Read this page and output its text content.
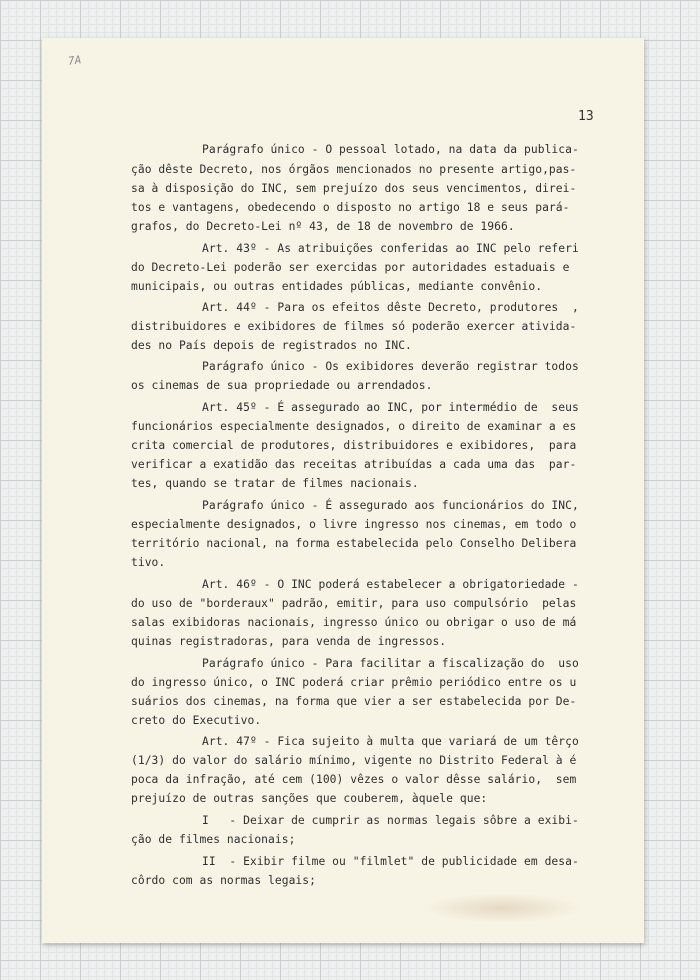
7A
13
Parágrafo único - O pessoal lotado, na data da publica-
ção dêste Decreto, nos órgãos mencionados no presente artigo,pas-
sa à disposição do INC, sem prejuízo dos seus vencimentos, direi-
tos e vantagens, obedecendo o disposto no artigo 18 e seus pará-
grafos, do Decreto-Lei nº 43, de 18 de novembro de 1966.
Art. 43º - As atribuições conferidas ao INC pelo referi
do Decreto-Lei poderão ser exercidas por autoridades estaduais e
municipais, ou outras entidades públicas, mediante convênio.
Art. 44º - Para os efeitos dêste Decreto, produtores  ,
distribuidores e exibidores de filmes só poderão exercer ativida-
des no País depois de registrados no INC.
Parágrafo único - Os exibidores deverão registrar todos
os cinemas de sua propriedade ou arrendados.
Art. 45º - É assegurado ao INC, por intermédio de  seus
funcionários especialmente designados, o direito de examinar a es
crita comercial de produtores, distribuidores e exibidores,  para
verificar a exatidão das receitas atribuídas a cada uma das  par-
tes, quando se tratar de filmes nacionais.
Parágrafo único - É assegurado aos funcionários do INC,
especialmente designados, o livre ingresso nos cinemas, em todo o
território nacional, na forma estabelecida pelo Conselho Delibera
tivo.
Art. 46º - O INC poderá estabelecer a obrigatoriedade -
do uso de "borderaux" padrão, emitir, para uso compulsório  pelas
salas exibidoras nacionais, ingresso único ou obrigar o uso de má
quinas registradoras, para venda de ingressos.
Parágrafo único - Para facilitar a fiscalização do  uso
do ingresso único, o INC poderá criar prêmio periódico entre os u
suários dos cinemas, na forma que vier a ser estabelecida por De-
creto do Executivo.
Art. 47º - Fica sujeito à multa que variará de um têrço
(1/3) do valor do salário mínimo, vigente no Distrito Federal à é
poca da infração, até cem (100) vêzes o valor dêsse salário,  sem
prejuízo de outras sanções que couberem, àquele que:
I   - Deixar de cumprir as normas legais sôbre a exibi-
ção de filmes nacionais;
II  - Exibir filme ou "filmlet" de publicidade em desa-
côrdo com as normas legais;
